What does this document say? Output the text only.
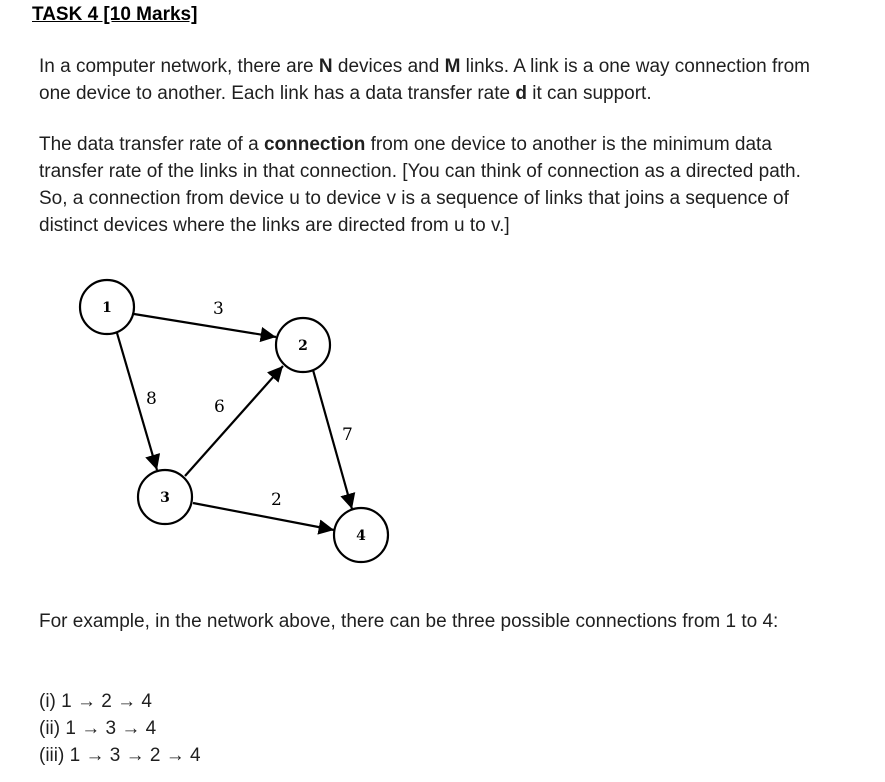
TASK 4 [10 Marks]
In a computer network, there are N devices and M links. A link is a one way connection from one device to another. Each link has a data transfer rate d it can support.
The data transfer rate of a connection from one device to another is the minimum data transfer rate of the links in that connection. [You can think of connection as a directed path. So, a connection from device u to device v is a sequence of links that joins a sequence of distinct devices where the links are directed from u to v.]
3
8	6
7
2
1
2
3
4
For example, in the network above, there can be three possible connections from 1 to 4:
(i) 1 → 2 → 4
(ii) 1 → 3 → 4
(iii) 1 → 3 → 2 → 4
